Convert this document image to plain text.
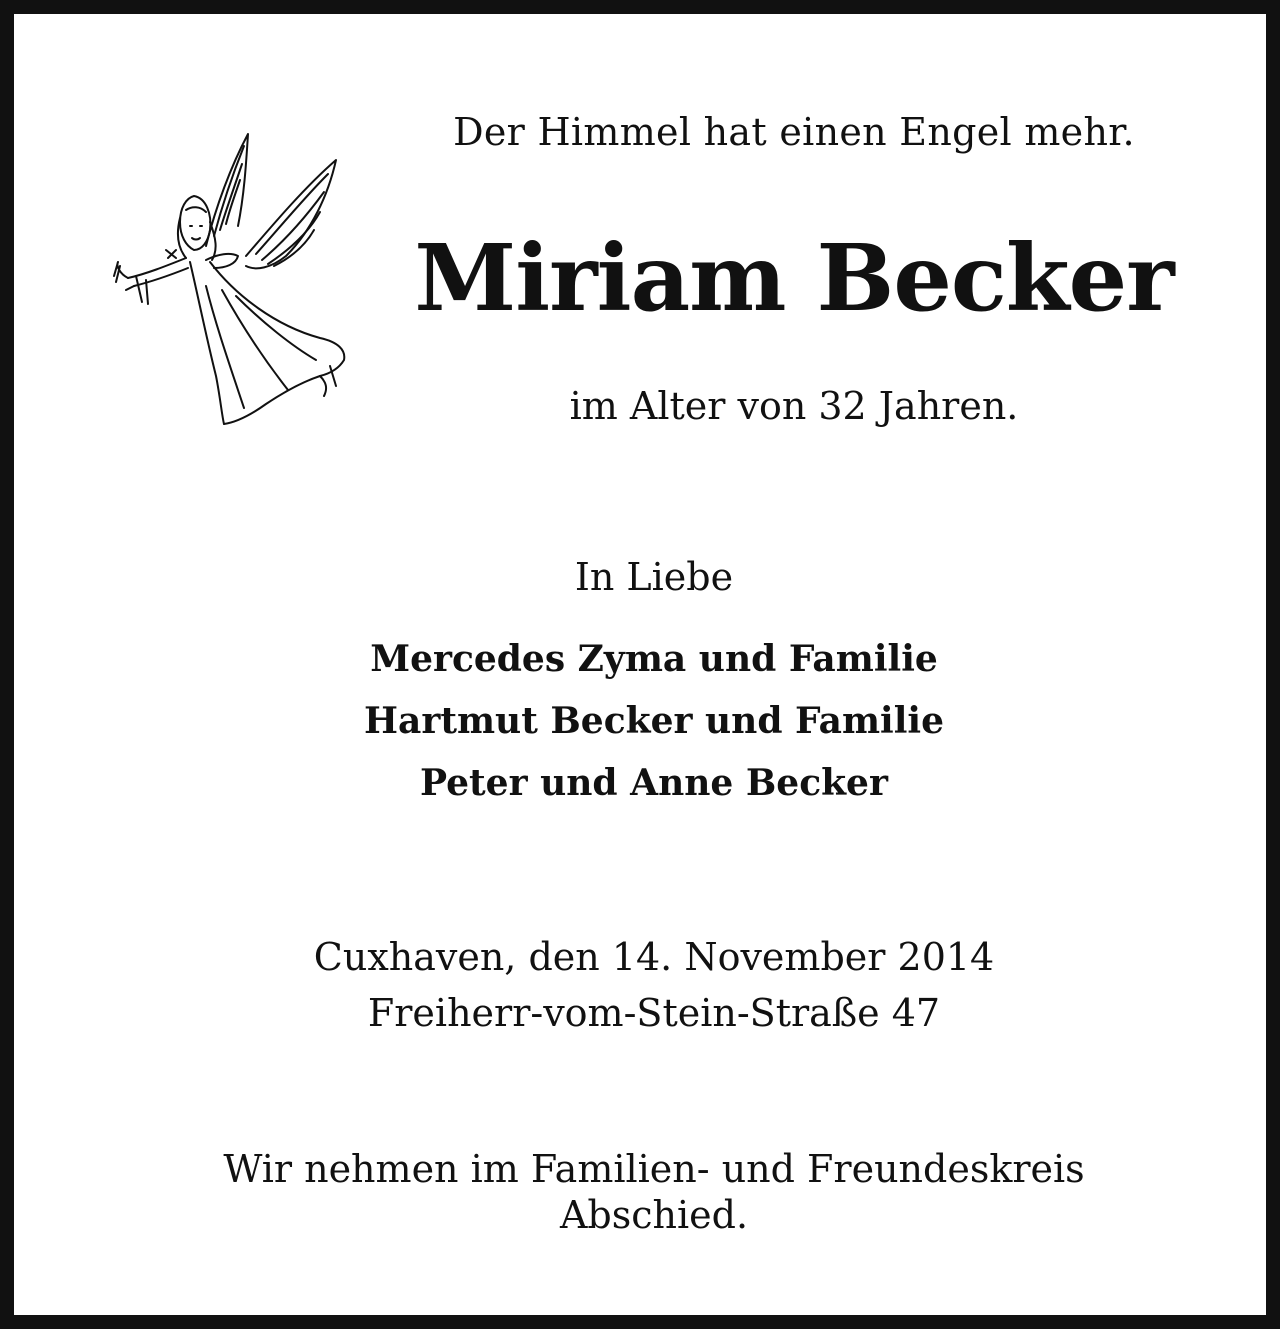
Der Himmel hat einen Engel mehr.
Miriam Becker
im Alter von 32 Jahren.
In Liebe
Mercedes Zyma und Familie
Hartmut Becker und Familie
Peter und Anne Becker
Cuxhaven, den 14. November 2014
Freiherr-vom-Stein-Straße 47
Wir nehmen im Familien- und Freundeskreis
Abschied.
